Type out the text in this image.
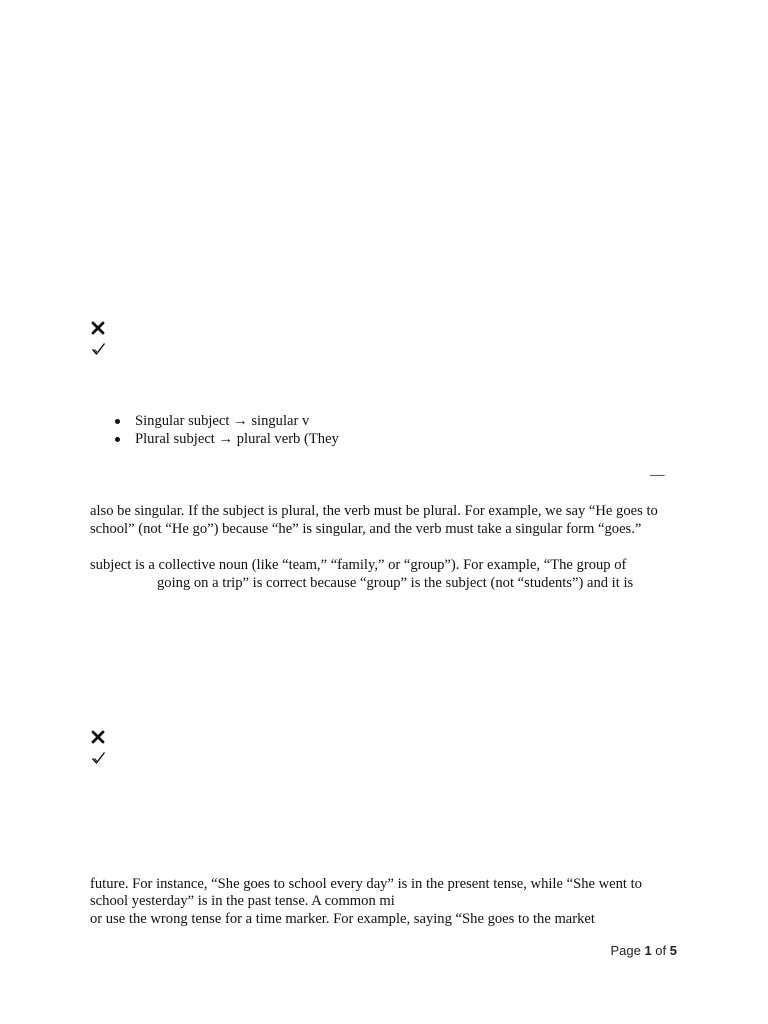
Singular subject → singular v
Plural subject → plural verb (They
—
also be singular. If the subject is plural, the verb must be plural. For example, we say “He goes to
school” (not “He go”) because “he” is singular, and the verb must take a singular form “goes.”
subject is a collective noun (like “team,” “family,” or “group”). For example, “The group of
going on a trip” is correct because “group” is the subject (not “students”) and it is
future. For instance, “She goes to school every day” is in the present tense, while “She went to
school yesterday” is in the past tense. A common mi
or use the wrong tense for a time marker. For example, saying “She goes to the market
Page 1 of 5
